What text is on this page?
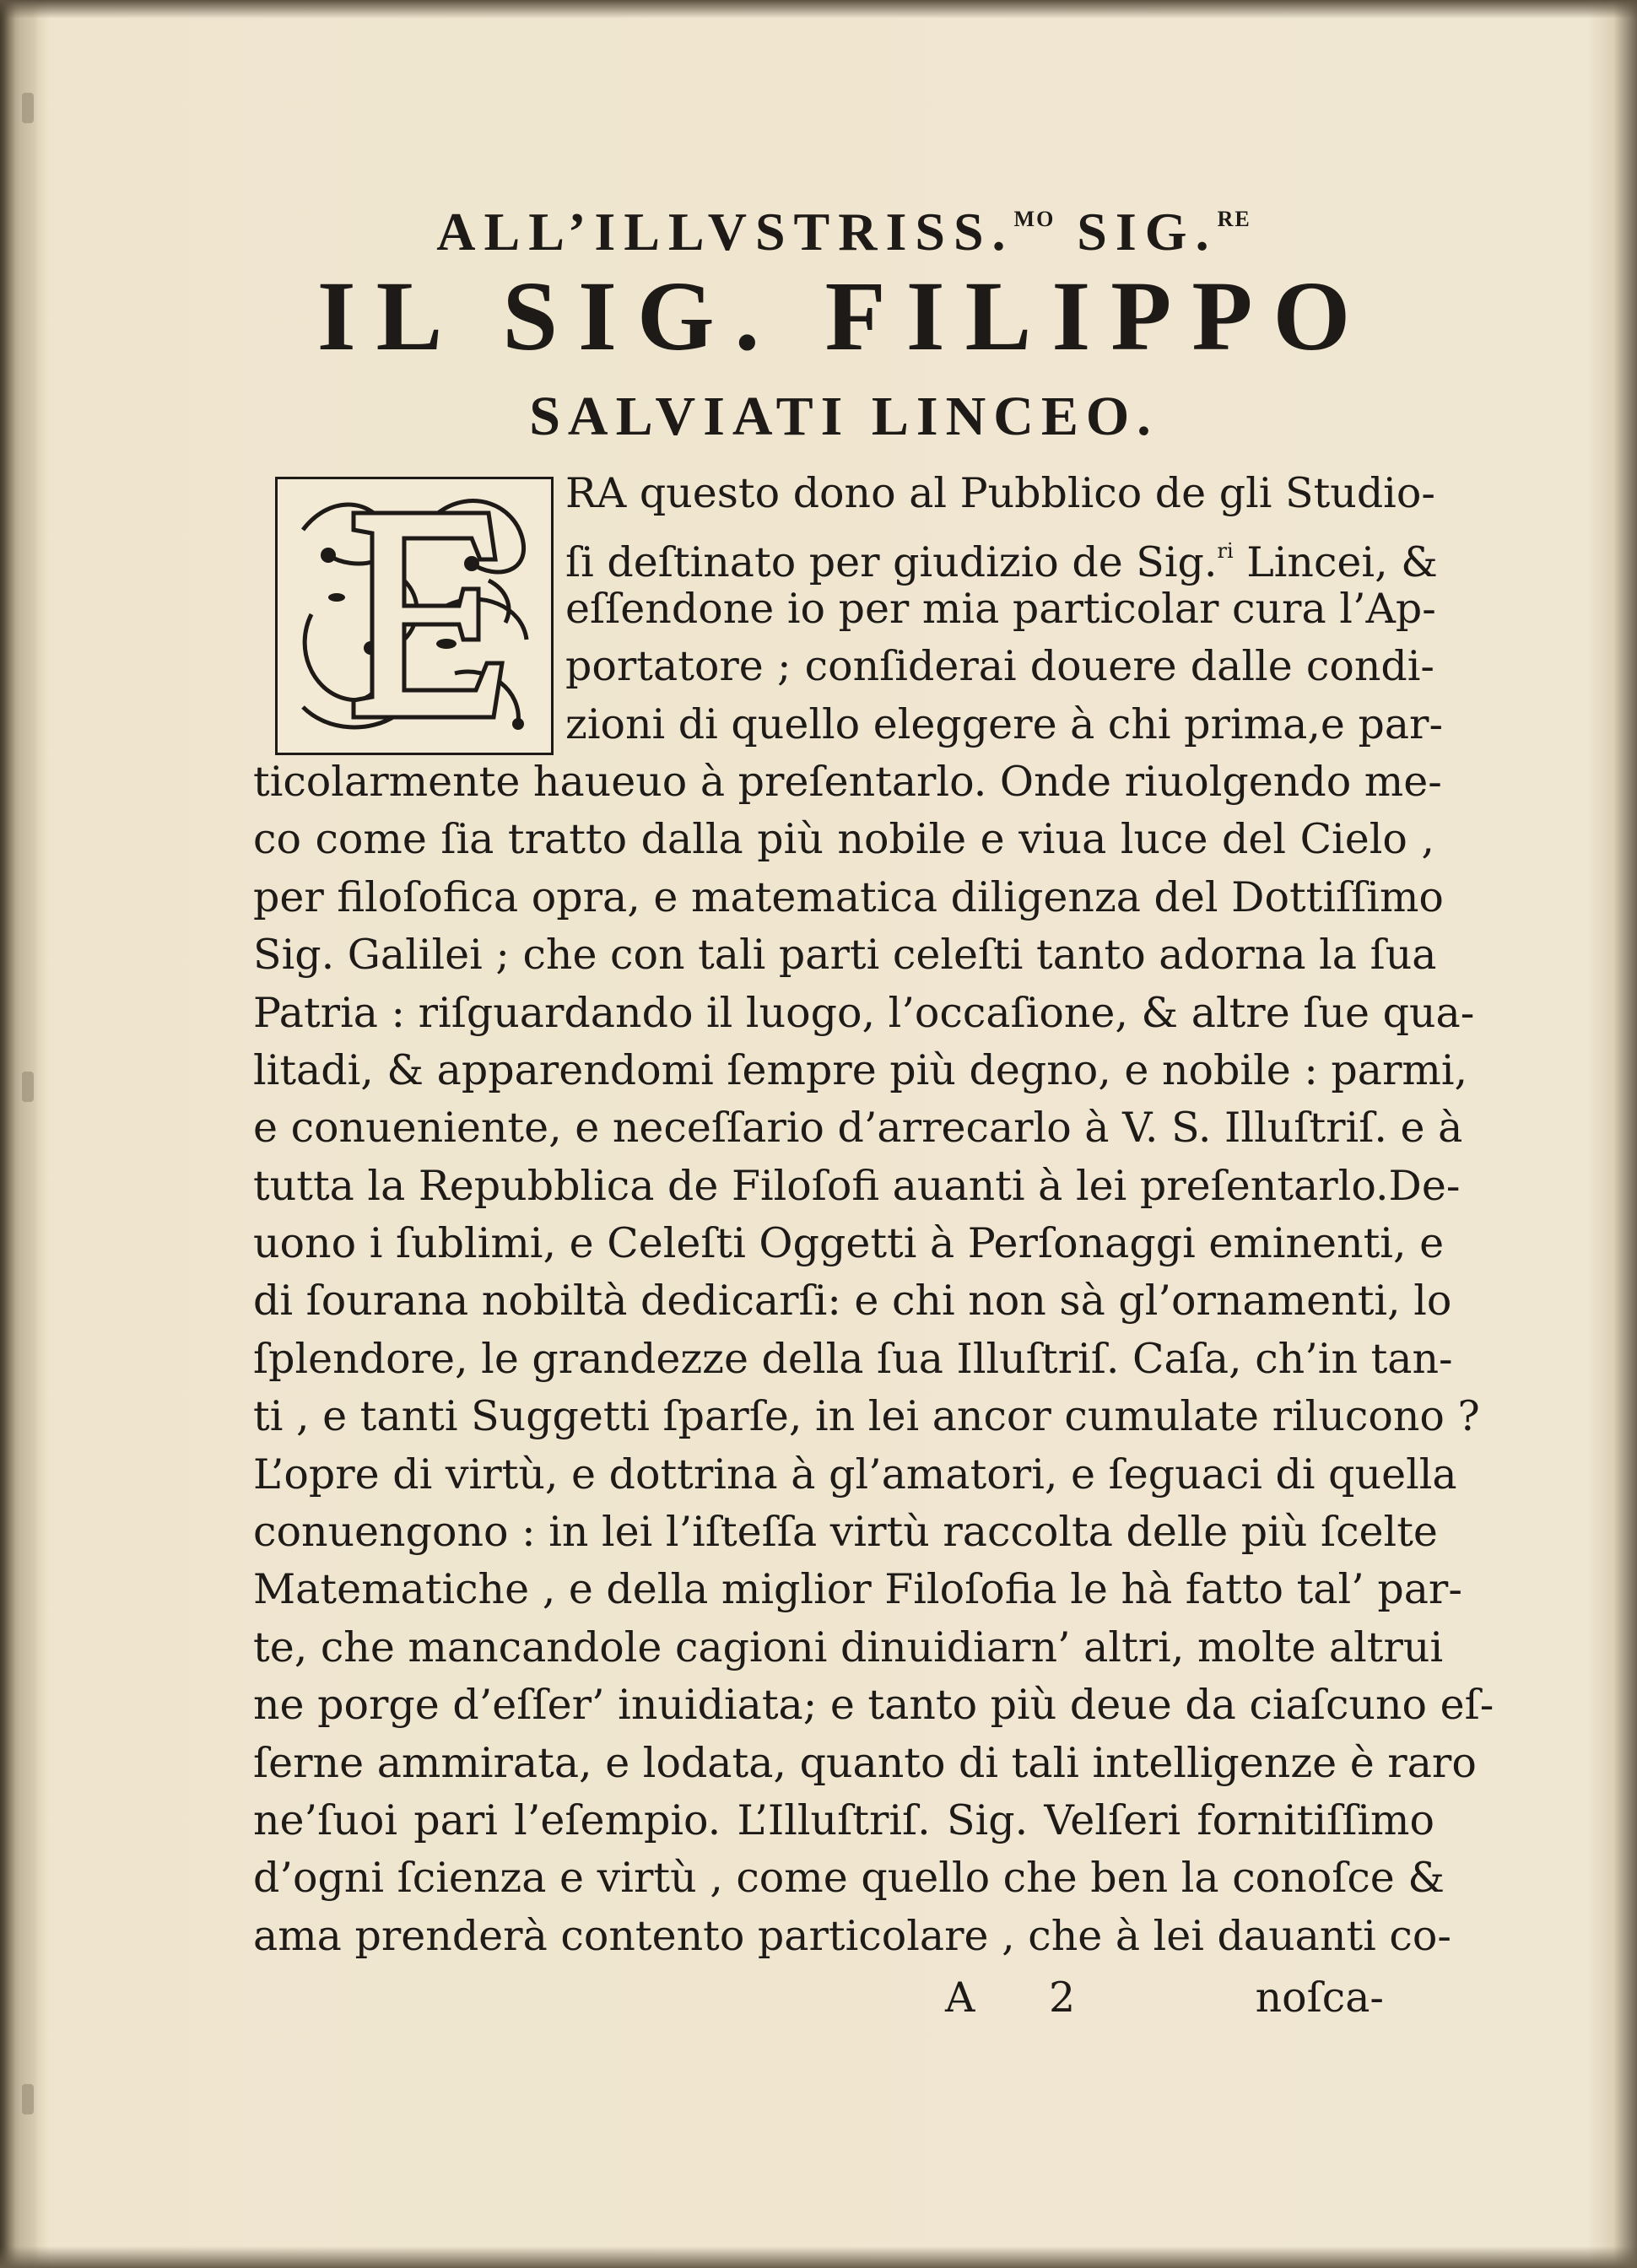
ALL’ILLVSTRISS.$^{MO}$ SIG.$^{RE}$
IL SIG. FILIPPO
SALVIATI LINCEO.
RA questo dono al Pubblico de gli Studio-
ſi deſtinato per giudizio de Sig.$^{ri}$ Lincei, &
eſſendone io per mia particolar cura l’Ap-
portatore ; conſiderai douere dalle condi-
zioni di quello eleggere à chi prima,e par-
ticolarmente haueuo à preſentarlo. Onde riuolgendo me-
co come ſia tratto dalla più nobile e viua luce del Cielo ,
per filoſofica opra, e matematica diligenza del Dottiſſimo
Sig. Galilei ; che con tali parti celeſti tanto adorna la ſua
Patria : riſguardando il luogo, l’occaſione, & altre ſue qua-
litadi, & apparendomi ſempre più degno, e nobile : parmi,
e conueniente, e neceſſario d’arrecarlo à V. S. Illuſtriſ. e à
tutta la Repubblica de Filoſofi auanti à lei preſentarlo.De-
uono i ſublimi, e Celeſti Oggetti à Perſonaggi eminenti, e
di ſourana nobiltà dedicarſi: e chi non sà gl’ornamenti, lo
ſplendore, le grandezze della ſua Illuſtriſ. Caſa, ch’in tan-
ti , e tanti Suggetti ſparſe, in lei ancor cumulate rilucono ?
L’opre di virtù, e dottrina à gl’amatori, e ſeguaci di quella
conuengono : in lei l’iſteſſa virtù raccolta delle più ſcelte
Matematiche , e della miglior Filoſofia le hà fatto tal’ par-
te, che mancandole cagioni dinuidiarn’ altri, molte altrui
ne porge d’eſſer’ inuidiata; e tanto più deue da ciaſcuno eſ-
ſerne ammirata, e lodata, quanto di tali intelligenze è raro
ne’ſuoi pari l’eſempio. L’Illuſtriſ. Sig. Velſeri fornitiſſimo
d’ogni ſcienza e virtù , come quello che ben la conoſce &
ama prenderà contento particolare , che à lei dauanti co-
A 2	noſca-
